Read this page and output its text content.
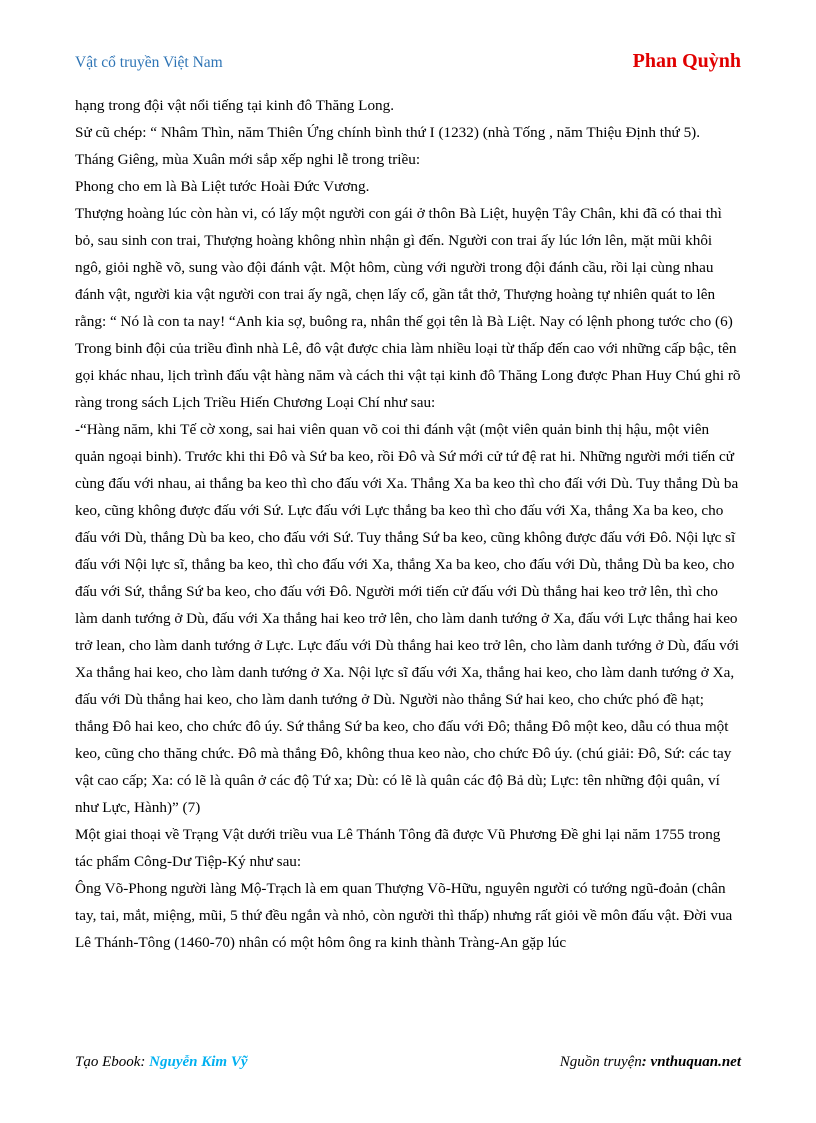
Vật cổ truyền Việt Nam	Phan Quỳnh

hạng trong đội vật nổi tiếng tại kinh đô Thăng Long.

Sử cũ chép: “ Nhâm Thìn, năm Thiên Ứng chính bình thứ I (1232) (nhà Tống , năm Thiệu Định thứ 5). Tháng Giêng, mùa Xuân mới sắp xếp nghi lễ trong triều:

Phong cho em là Bà Liệt tước Hoài Đức Vương.

Thượng hoàng lúc còn hàn vi, có lấy một người con gái ở thôn Bà Liệt, huyện Tây Chân, khi đã có thai thì bỏ, sau sinh con trai, Thượng hoàng không nhìn nhận gì đến. Người con trai ấy lúc lớn lên, mặt mũi khôi ngô, giỏi nghề võ, sung vào đội đánh vật. Một hôm, cùng với người trong đội đánh cầu, rồi lại cùng nhau đánh vật, người kia vật người con trai ấy ngã, chẹn lấy cổ, gần tắt thở, Thượng hoàng tự nhiên quát to lên rằng: “ Nó là con ta nay! “Anh kia sợ, buông ra, nhân thế gọi tên là Bà Liệt. Nay có lệnh phong tước cho (6)

Trong binh đội của triều đình nhà Lê, đô vật được chia làm nhiều loại từ thấp đến cao với những cấp bậc, tên gọi khác nhau, lịch trình đấu vật hàng năm và cách thi vật tại kinh đô Thăng Long được Phan Huy Chú ghi rõ ràng trong sách Lịch Triều Hiến Chương Loại Chí như sau:

-“Hàng năm, khi Tế cờ xong, sai hai viên quan võ coi thi đánh vật (một viên quản binh thị hậu, một viên quản ngoại binh). Trước khi thi Đô và Sứ ba keo, rồi Đô và Sứ mới cử tứ đệ rat hi. Những người mới tiến cử cùng đấu với nhau, ai thắng ba keo thì cho đấu với Xa. Thắng Xa ba keo thì cho đấi với Dù. Tuy thắng Dù ba keo, cũng không được đấu với Sứ. Lực đấu với Lực thắng ba keo thì cho đấu với Xa, thắng Xa ba keo, cho đấu với Dù, thắng Dù ba keo, cho đấu với Sứ. Tuy thắng Sứ ba keo, cũng không được đấu với Đô. Nội lực sĩ đấu với Nội lực sĩ, thắng ba keo, thì cho đấu với Xa, thắng Xa ba keo, cho đấu với Dù, thắng Dù ba keo, cho đấu với Sứ, thắng Sứ ba keo, cho đấu với Đô. Người mới tiến cử đấu với Dù thắng hai keo trở lên, thì cho làm danh tướng ở Dù, đấu với Xa thắng hai keo trở lên, cho làm danh tướng ở Xa, đấu với Lực thắng hai keo trở lean, cho làm danh tướng ở Lực. Lực đấu với Dù thắng hai keo trở lên, cho làm danh tướng ở Dù, đấu với Xa thắng hai keo, cho làm danh tướng ở Xa. Nội lực sĩ đấu với Xa, thắng hai keo, cho làm danh tướng ở Xa, đấu với Dù thắng hai keo, cho làm danh tướng ở Dù. Người nào thắng Sứ hai keo, cho chức phó đề hạt; thắng Đô hai keo, cho chức đô úy. Sứ thắng Sứ ba keo, cho đấu với Đô; thắng Đô một keo, dẫu có thua một keo, cũng cho thăng chức. Đô mà thắng Đô, không thua keo nào, cho chức Đô úy. (chú giải: Đô, Sứ: các tay vật cao cấp; Xa: có lẽ là quân ở các độ Tứ xa; Dù: có lẽ là quân các độ Bả dù; Lực: tên những đội quân, ví như Lực, Hành)” (7)

Một giai thoại về Trạng Vật dưới triều vua Lê Thánh Tông đã được Vũ Phương Đề ghi lại năm 1755 trong tác phẩm Công-Dư Tiệp-Ký như sau:

Ông Võ-Phong người làng Mộ-Trạch là em quan Thượng Võ-Hữu, nguyên người có tướng ngũ-đoản (chân tay, tai, mắt, miệng, mũi, 5 thứ đều ngắn và nhỏ, còn người thì thấp) nhưng rất giỏi về môn đấu vật. Đời vua Lê Thánh-Tông (1460-70) nhân có một hôm ông ra kinh thành Tràng-An gặp lúc

Tạo Ebook: Nguyễn Kim Vỹ	Nguồn truyện: vnthuquan.net
